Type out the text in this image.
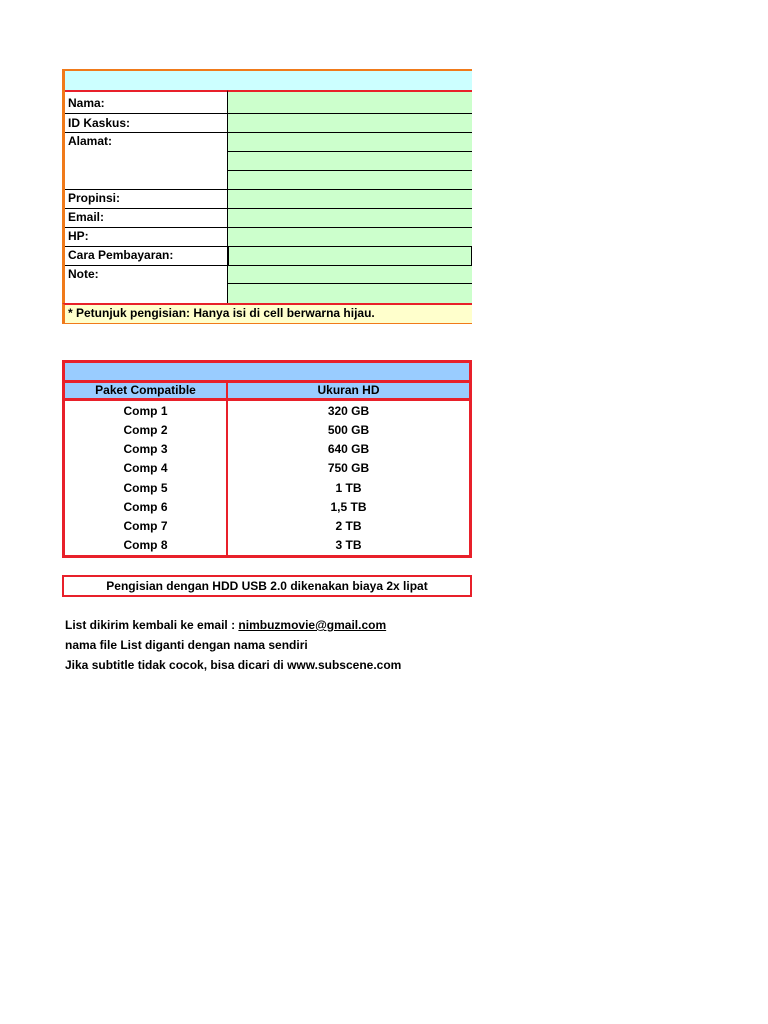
Nama:
ID Kaskus:
Alamat:
Propinsi:
Email:
HP:
Cara Pembayaran:
Note:
* Petunjuk pengisian: Hanya isi di cell berwarna hijau.
Paket Compatible	Ukuran HD
Comp 1	320 GB
Comp 2	500 GB
Comp 3	640 GB
Comp 4	750 GB
Comp 5	1 TB
Comp 6	1,5 TB
Comp 7	2 TB
Comp 8	3 TB
Pengisian dengan HDD USB 2.0 dikenakan biaya 2x lipat
List dikirim kembali ke email : nimbuzmovie@gmail.com
nama file List diganti dengan nama sendiri
Jika subtitle tidak cocok, bisa dicari di www.subscene.com
